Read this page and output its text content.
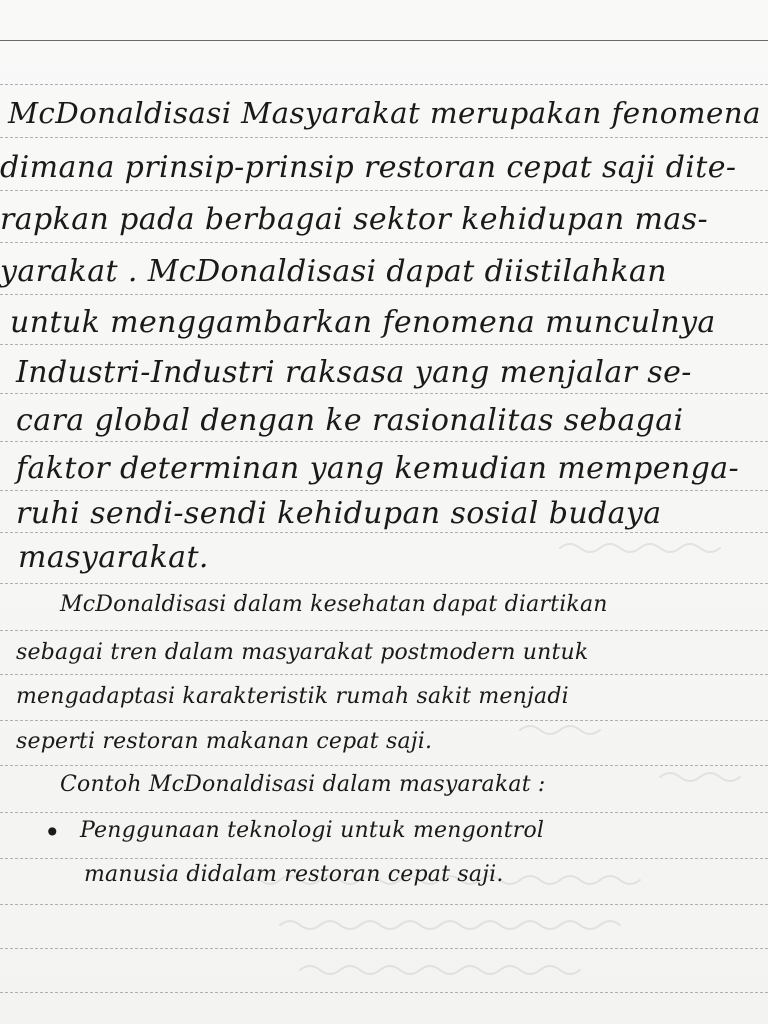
McDonaldisasi Masyarakat merupakan fenomena
dimana prinsip-prinsip restoran cepat saji dite-
rapkan pada berbagai sektor kehidupan mas-
yarakat . McDonaldisasi dapat diistilahkan
untuk menggambarkan fenomena munculnya
Industri-Industri raksasa yang menjalar se-
cara global dengan ke rasionalitas sebagai
faktor determinan yang kemudian mempenga-
ruhi sendi-sendi kehidupan sosial budaya
masyarakat.
McDonaldisasi dalam kesehatan dapat diartikan
sebagai tren dalam masyarakat postmodern untuk
mengadaptasi karakteristik rumah sakit menjadi
seperti restoran makanan cepat saji.
Contoh McDonaldisasi dalam masyarakat :
• Penggunaan teknologi untuk mengontrol
manusia didalam restoran cepat saji.
